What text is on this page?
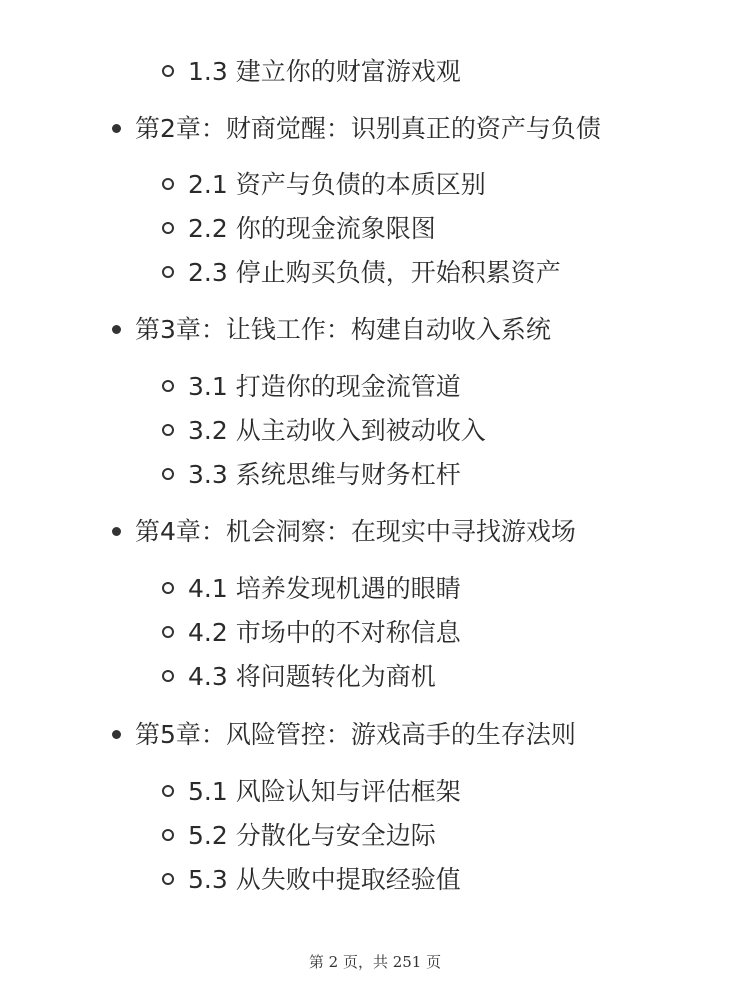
1.3 建立你的财富游戏观
第2章：财商觉醒：识别真正的资产与负债
2.1 资产与负债的本质区别
2.2 你的现金流象限图
2.3 停止购买负债，开始积累资产
第3章：让钱工作：构建自动收入系统
3.1 打造你的现金流管道
3.2 从主动收入到被动收入
3.3 系统思维与财务杠杆
第4章：机会洞察：在现实中寻找游戏场
4.1 培养发现机遇的眼睛
4.2 市场中的不对称信息
4.3 将问题转化为商机
第5章：风险管控：游戏高手的生存法则
5.1 风险认知与评估框架
5.2 分散化与安全边际
5.3 从失败中提取经验值
第 2 页，共 251 页
